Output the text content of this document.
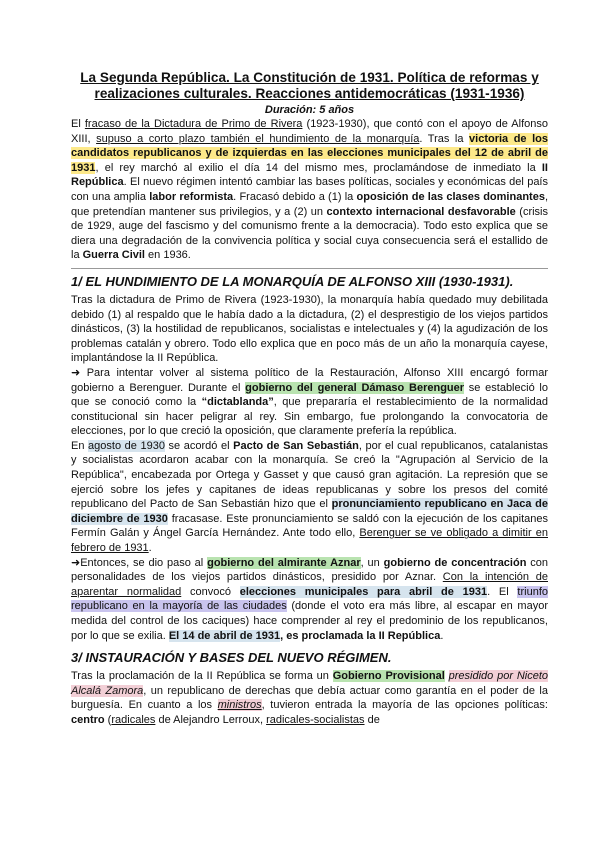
La Segunda República. La Constitución de 1931. Política de reformas y
realizaciones culturales. Reacciones antidemocráticas (1931-1936)

Duración: 5 años

El fracaso de la Dictadura de Primo de Rivera (1923-1930), que contó con el apoyo de Alfonso XIII, supuso a corto plazo también el hundimiento de la monarquía. Tras la victoria de los candidatos republicanos y de izquierdas en las elecciones municipales del 12 de abril de 1931, el rey marchó al exilio el día 14 del mismo mes, proclamándose de inmediato la II República. El nuevo régimen intentó cambiar las bases políticas, sociales y económicas del país con una amplia labor reformista. Fracasó debido a (1) la oposición de las clases dominantes, que pretendían mantener sus privilegios, y a (2) un contexto internacional desfavorable (crisis de 1929, auge del fascismo y del comunismo frente a la democracia). Todo esto explica que se diera una degradación de la convivencia política y social cuya consecuencia será el estallido de la Guerra Civil en 1936.

1/ EL HUNDIMIENTO DE LA MONARQUÍA DE ALFONSO XIII (1930-1931).

Tras la dictadura de Primo de Rivera (1923-1930), la monarquía había quedado muy debilitada debido (1) al respaldo que le había dado a la dictadura, (2) el desprestigio de los viejos partidos dinásticos, (3) la hostilidad de republicanos, socialistas e intelectuales y (4) la agudización de los problemas catalán y obrero. Todo ello explica que en poco más de un año la monarquía cayese, implantándose la II República.

➜ Para intentar volver al sistema político de la Restauración, Alfonso XIII encargó formar gobierno a Berenguer. Durante el gobierno del general Dámaso Berenguer se estableció lo que se conoció como la “dictablanda”, que prepararía el restablecimiento de la normalidad constitucional sin hacer peligrar al rey. Sin embargo, fue prolongando la convocatoria de elecciones, por lo que creció la oposición, que claramente prefería la república.

En agosto de 1930 se acordó el Pacto de San Sebastián, por el cual republicanos, catalanistas y socialistas acordaron acabar con la monarquía. Se creó la "Agrupación al Servicio de la República", encabezada por Ortega y Gasset y que causó gran agitación. La represión que se ejerció sobre los jefes y capitanes de ideas republicanas y sobre los presos del comité republicano del Pacto de San Sebastián hizo que el pronunciamiento republicano en Jaca de diciembre de 1930 fracasase. Este pronunciamiento se saldó con la ejecución de los capitanes Fermín Galán y Ángel García Hernández. Ante todo ello, Berenguer se ve obligado a dimitir en febrero de 1931.

➜Entonces, se dio paso al gobierno del almirante Aznar, un gobierno de concentración con personalidades de los viejos partidos dinásticos, presidido por Aznar. Con la intención de aparentar normalidad convocó elecciones municipales para abril de 1931. El triunfo republicano en la mayoría de las ciudades (donde el voto era más libre, al escapar en mayor medida del control de los caciques) hace comprender al rey el predominio de los republicanos, por lo que se exilia. El 14 de abril de 1931, es proclamada la II República.

3/ INSTAURACIÓN Y BASES DEL NUEVO RÉGIMEN.

Tras la proclamación de la II República se forma un Gobierno Provisional presidido por Niceto Alcalá Zamora, un republicano de derechas que debía actuar como garantía en el poder de la burguesía. En cuanto a los ministros, tuvieron entrada la mayoría de las opciones políticas: centro (radicales de Alejandro Lerroux, radicales-socialistas de
